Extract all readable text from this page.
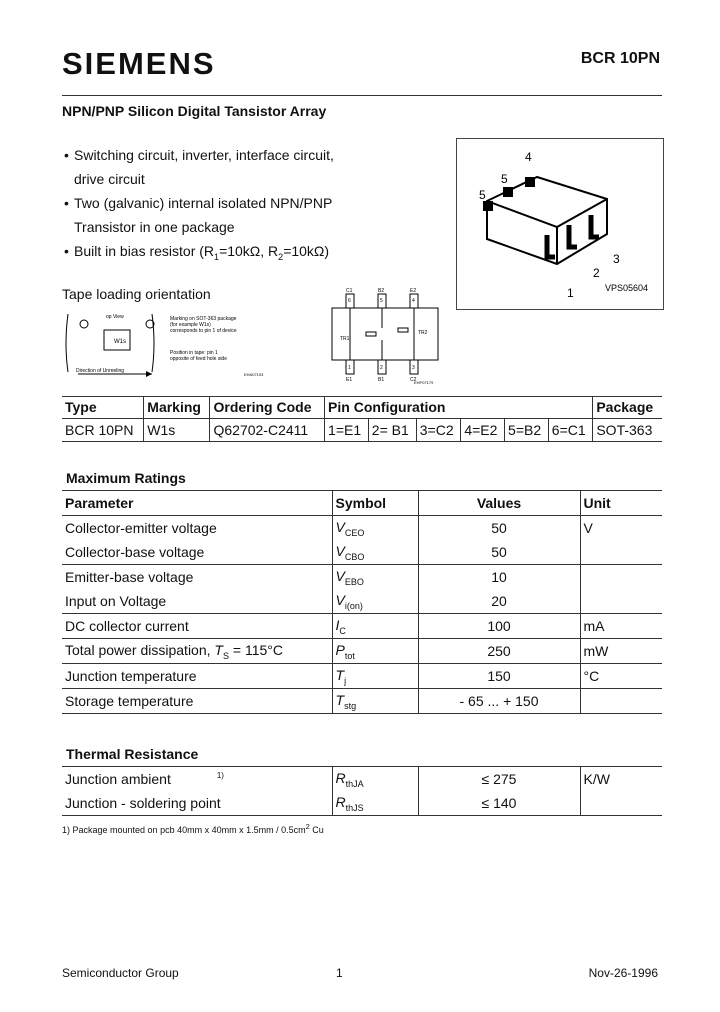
SIEMENS	BCR 10PN
NPN/PNP Silicon Digital Tansistor Array
• Switching circuit, inverter, interface circuit,
drive circuit
• Two (galvanic) internal isolated NPN/PNP
Transistor in one package
• Built in bias resistor ($R_1=10k\Omega$, $R_2=10k\Omega$)
5
5
4
1
2
3
VPS05604
Tape loading orientation
op View
W1s
Direction of Unreeling
Marking on SOT-363 package
(for example W1s)
corresponds to pin 1 of device
Position in tape: pin 1
opposite of feed hole side
EHA07193
C1	B2	E2
6	5	4
1	2	3
E1	B1	C2
TR1
TR2
EHP07179
Type	Marking	Ordering Code	Pin Configuration						Package
BCR 10PN	W1s	Q62702-C2411	1=E1	2= B1	3=C2	4=E2	5=B2	6=C1	SOT-363
Maximum Ratings
Parameter	Symbol	Values	Unit
Collector-emitter voltage	$V_{CEO}$	50	V
Collector-base voltage	$V_{CBO}$	50	
Emitter-base voltage	$V_{EBO}$	10	
Input on Voltage	$V_{i(on)}$	20	
DC collector current	$I_C$	100	mA
Total power dissipation, $T_S = 115^\circ C$	$P_{tot}$	250	mW
Junction temperature	$T_j$	150	°C
Storage temperature	$T_{stg}$	- 65 ... + 150	
Thermal Resistance
Junction ambient $^{1)}$	$R_{thJA}$	≤ 275	K/W
Junction - soldering point	$R_{thJS}$	≤ 140	
1) Package mounted on pcb 40mm x 40mm x $1.5mm / 0.5cm^2$ Cu
Semiconductor Group	1	Nov-26-1996
